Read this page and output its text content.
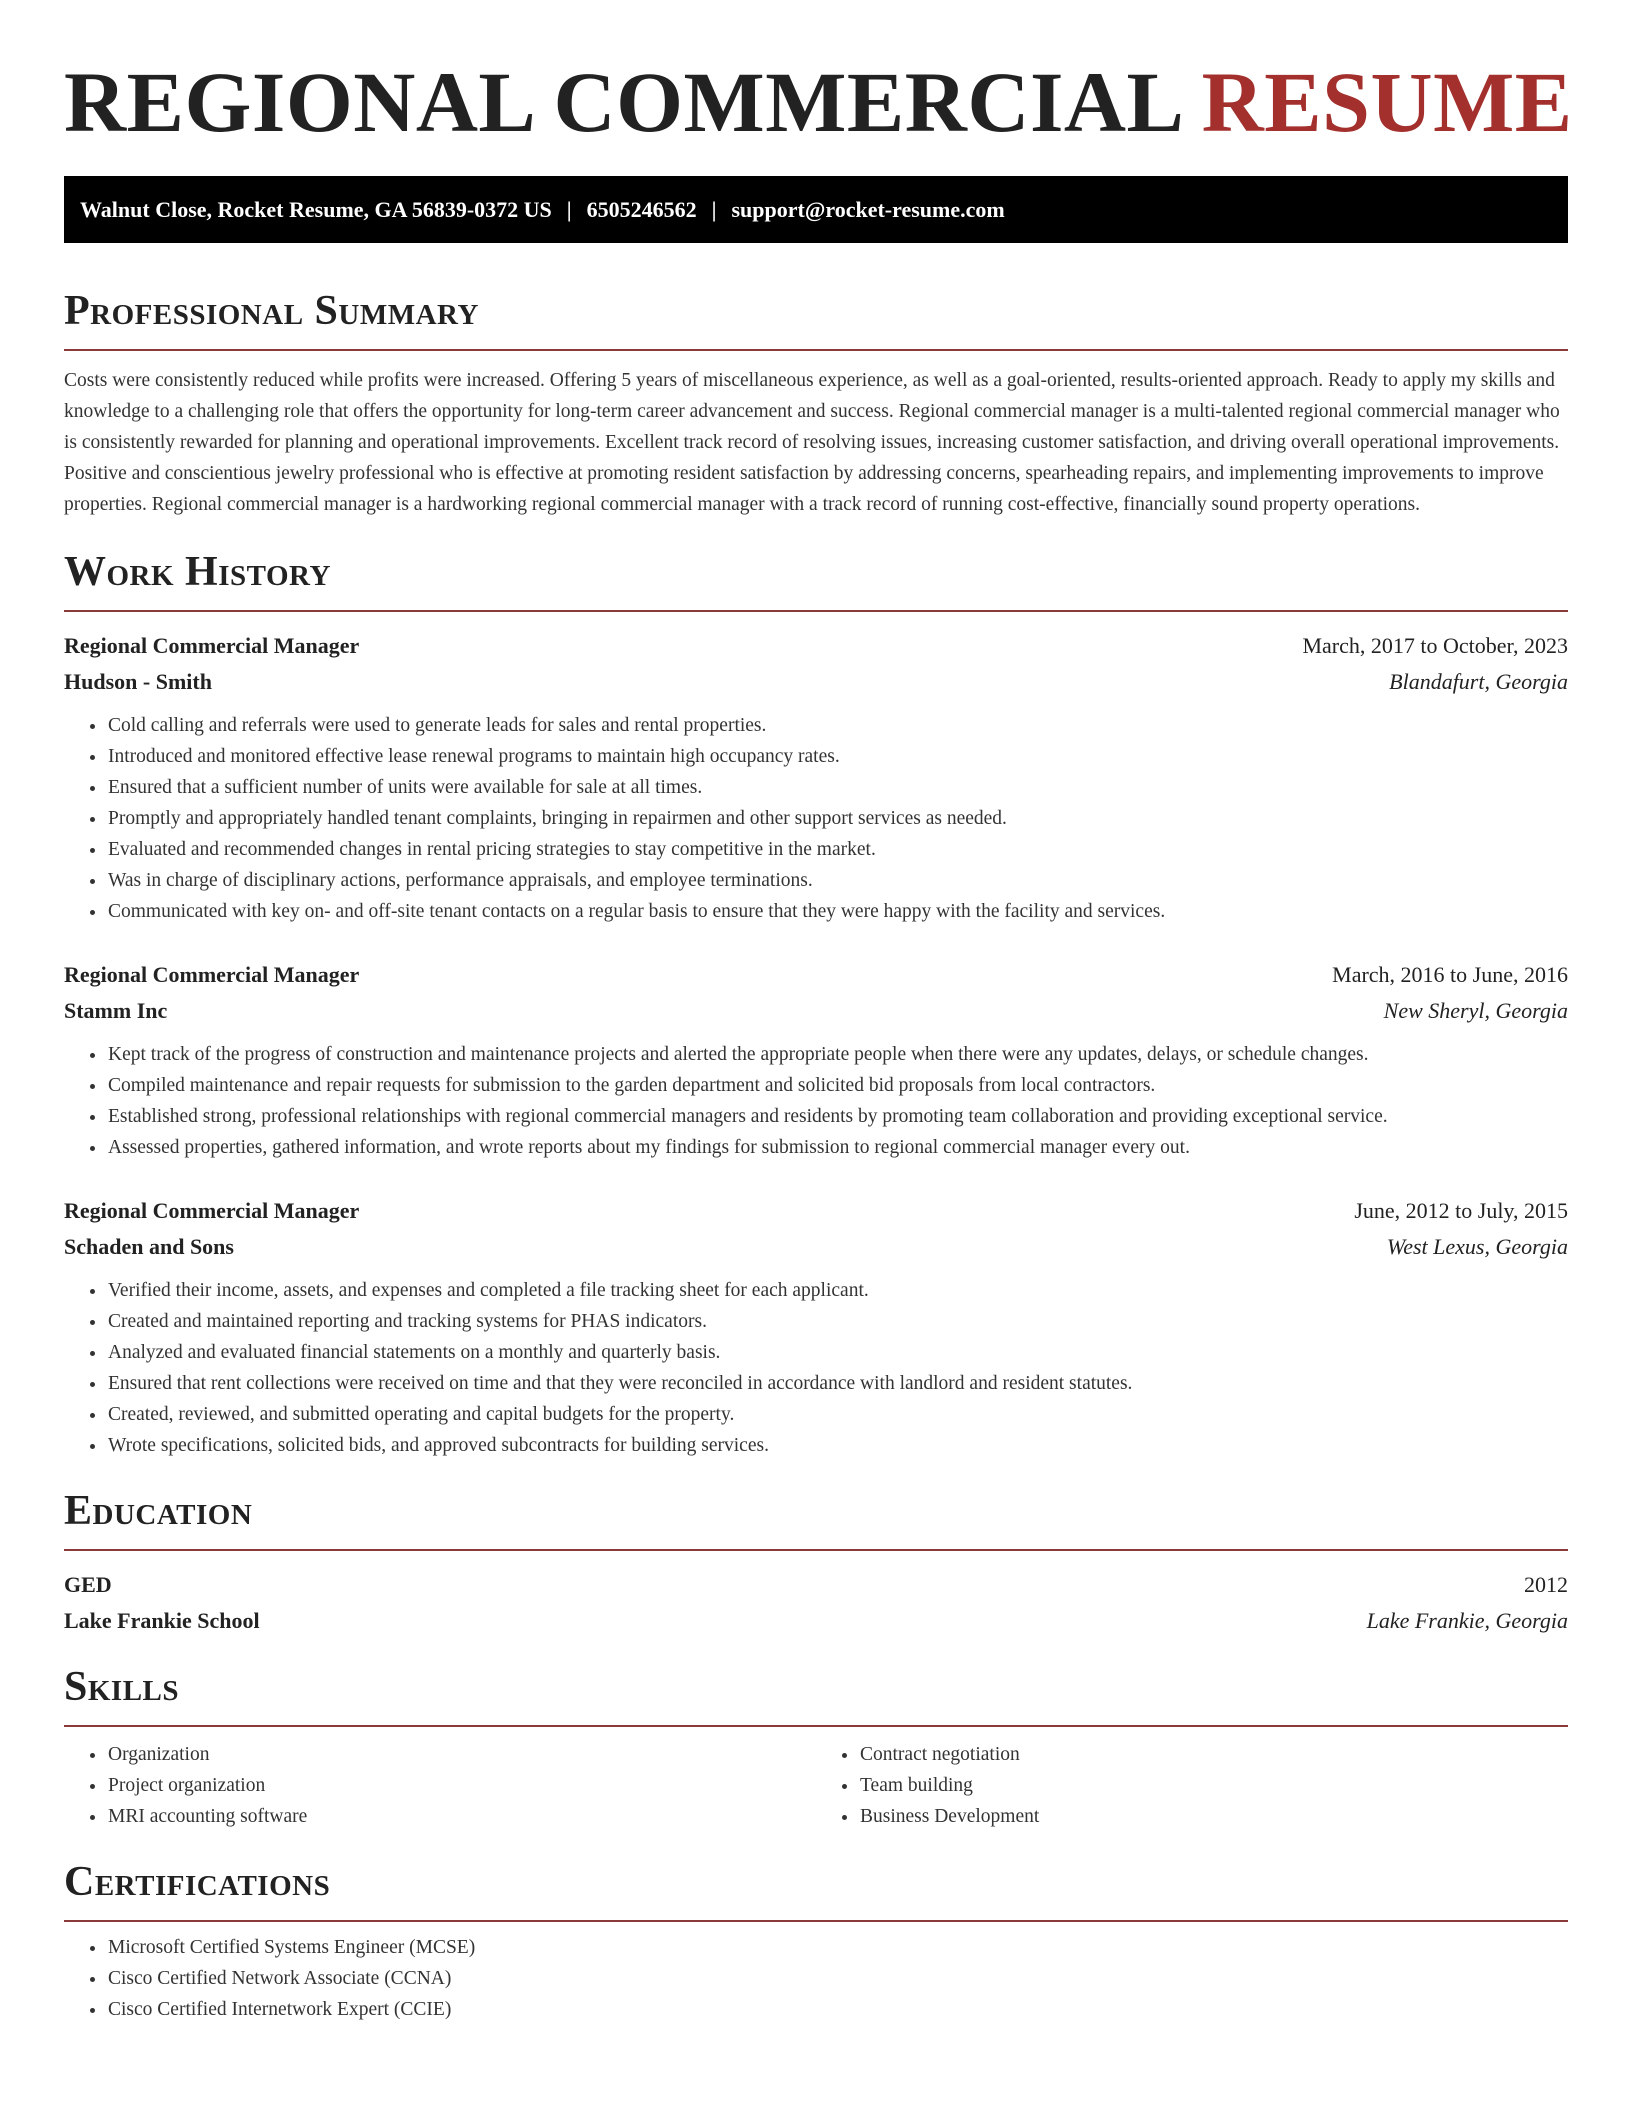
REGIONAL COMMERCIAL RESUME
Walnut Close, Rocket Resume, GA 56839-0372 US | 6505246562 | support@rocket-resume.com
Professional Summary

Costs were consistently reduced while profits were increased. Offering 5 years of miscellaneous experience, as well as a goal-oriented, results-oriented approach. Ready to apply my skills and knowledge to a challenging role that offers the opportunity for long-term career advancement and success. Regional commercial manager is a multi-talented regional commercial manager who is consistently rewarded for planning and operational improvements. Excellent track record of resolving issues, increasing customer satisfaction, and driving overall operational improvements. Positive and conscientious jewelry professional who is effective at promoting resident satisfaction by addressing concerns, spearheading repairs, and implementing improvements to improve properties. Regional commercial manager is a hardworking regional commercial manager with a track record of running cost-effective, financially sound property operations.

Work History
Regional Commercial Manager	March, 2017 to October, 2023
Hudson - Smith	Blandafurt, Georgia
• Cold calling and referrals were used to generate leads for sales and rental properties.
• Introduced and monitored effective lease renewal programs to maintain high occupancy rates.
• Ensured that a sufficient number of units were available for sale at all times.
• Promptly and appropriately handled tenant complaints, bringing in repairmen and other support services as needed.
• Evaluated and recommended changes in rental pricing strategies to stay competitive in the market.
• Was in charge of disciplinary actions, performance appraisals, and employee terminations.
• Communicated with key on- and off-site tenant contacts on a regular basis to ensure that they were happy with the facility and services.
Regional Commercial Manager	March, 2016 to June, 2016
Stamm Inc	New Sheryl, Georgia
• Kept track of the progress of construction and maintenance projects and alerted the appropriate people when there were any updates, delays, or schedule changes.
• Compiled maintenance and repair requests for submission to the garden department and solicited bid proposals from local contractors.
• Established strong, professional relationships with regional commercial managers and residents by promoting team collaboration and providing exceptional service.
• Assessed properties, gathered information, and wrote reports about my findings for submission to regional commercial manager every out.
Regional Commercial Manager	June, 2012 to July, 2015
Schaden and Sons	West Lexus, Georgia
• Verified their income, assets, and expenses and completed a file tracking sheet for each applicant.
• Created and maintained reporting and tracking systems for PHAS indicators.
• Analyzed and evaluated financial statements on a monthly and quarterly basis.
• Ensured that rent collections were received on time and that they were reconciled in accordance with landlord and resident statutes.
• Created, reviewed, and submitted operating and capital budgets for the property.
• Wrote specifications, solicited bids, and approved subcontracts for building services.
Education
GED	2012
Lake Frankie School	Lake Frankie, Georgia
Skills
• Organization
• Project organization
• MRI accounting software
• Contract negotiation
• Team building
• Business Development
Certifications
• Microsoft Certified Systems Engineer (MCSE)
• Cisco Certified Network Associate (CCNA)
• Cisco Certified Internetwork Expert (CCIE)
